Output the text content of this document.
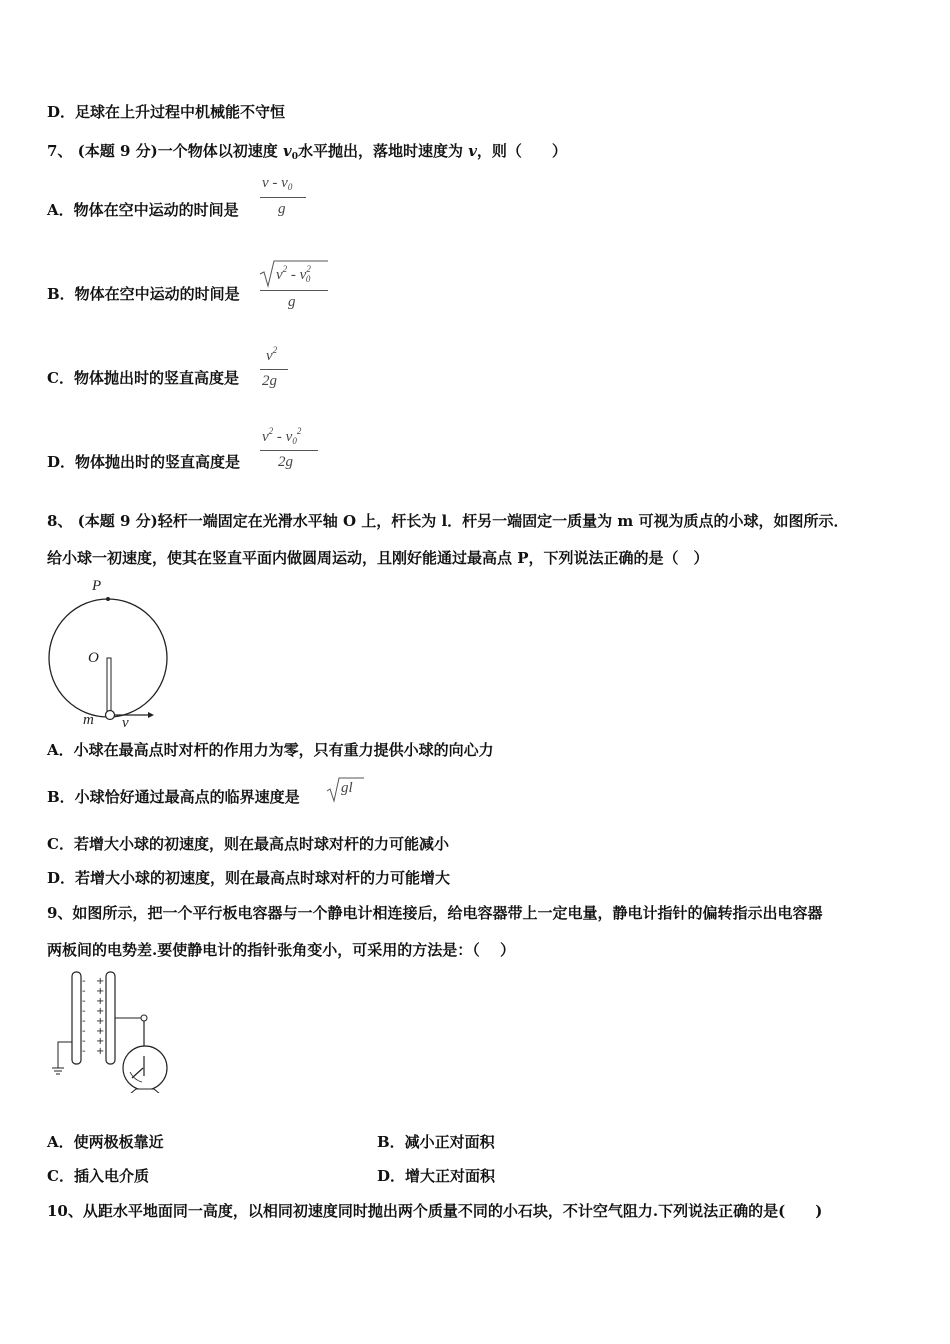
D．足球在上升过程中机械能不守恒
7、 (本题 9 分)一个物体以初速度 $v_0$水平抛出，落地时速度为 v，则（　　）
A．物体在空中运动的时间是
v - $v_0$
g
B．物体在空中运动的时间是
$v^2 - v^2_0$
g
C．物体抛出时的竖直高度是
$v^2$
2g
D．物体抛出时的竖直高度是
$v^2 - v_0^2$
2g
8、 (本题 9 分)轻杆一端固定在光滑水平轴 O 上，杆长为 l．杆另一端固定一质量为 m 可视为质点的小球，如图所示．
给小球一初速度，使其在竖直平面内做圆周运动，且刚好能通过最高点 P，下列说法正确的是（　）
P
O
m v
A．小球在最高点时对杆的作用力为零，只有重力提供小球的向心力
B．小球恰好通过最高点的临界速度是	gl
C．若增大小球的初速度，则在最高点时球对杆的力可能减小
D．若增大小球的初速度，则在最高点时球对杆的力可能增大
9、如图所示，把一个平行板电容器与一个静电计相连接后，给电容器带上一定电量，静电计指针的偏转指示出电容器
两板间的电势差.要使静电计的指针张角变小，可采用的方法是：（　 ）
-
-
-
-
-
-
-
-
+
+
+
+
+
+
+
+
A．使两极板靠近	B．减小正对面积
C．插入电介质	D．增大正对面积
10、从距水平地面同一高度，以相同初速度同时抛出两个质量不同的小石块，不计空气阻力.下列说法正确的是(　　)
